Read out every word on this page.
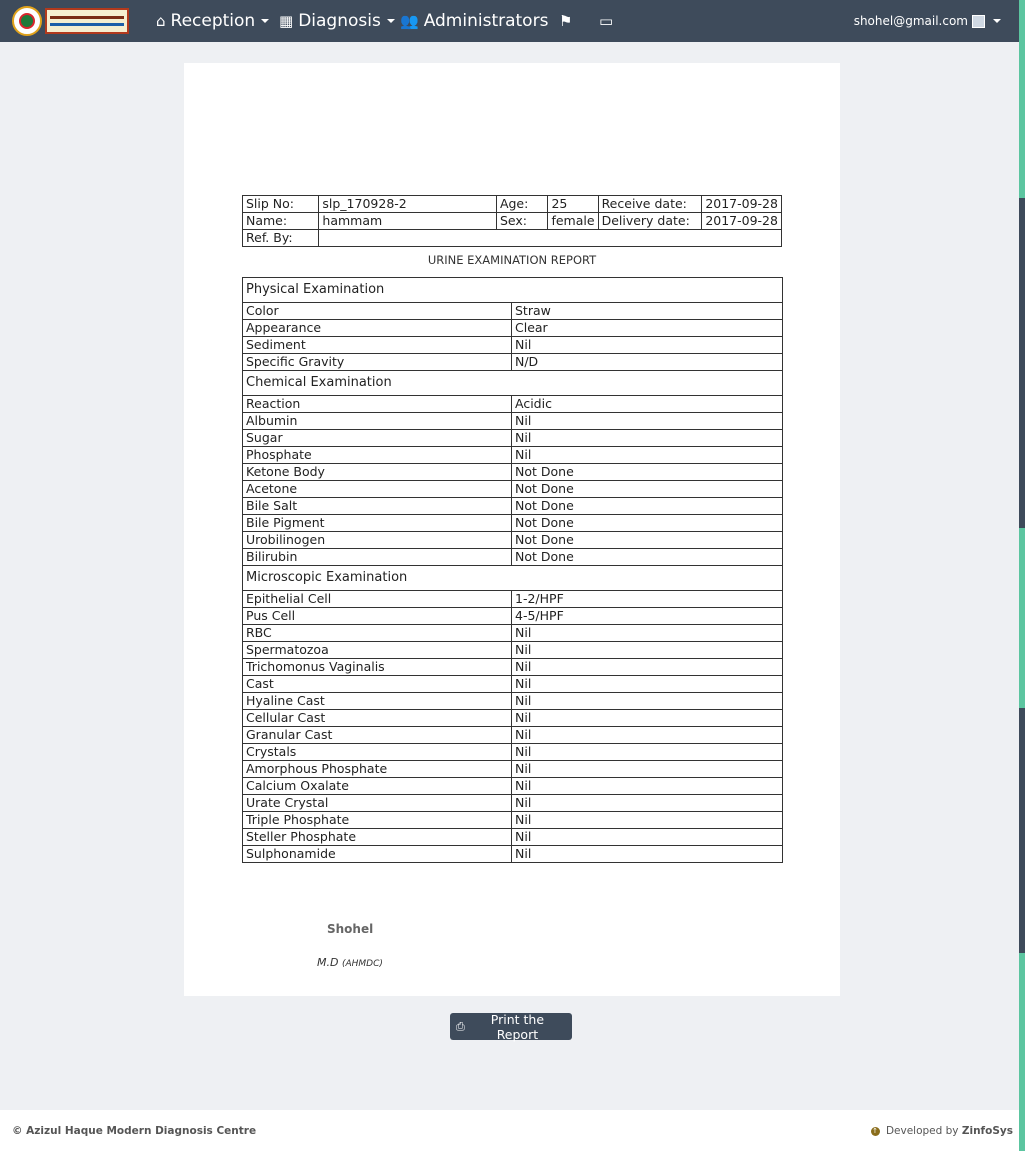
⌂ Reception ▦ Diagnosis 👥 Administrators ⚑ ▭	shohel@gmail.com
Slip No:	slp_170928-2	Age:	25	Receive date:	2017-09-28
Name:	hammam	Sex:	female	Delivery date:	2017-09-28
Ref. By:					
URINE EXAMINATION REPORT
Physical Examination	
Color	Straw
Appearance	Clear
Sediment	Nil
Specific Gravity	N/D
Chemical Examination	
Reaction	Acidic
Albumin	Nil
Sugar	Nil
Phosphate	Nil
Ketone Body	Not Done
Acetone	Not Done
Bile Salt	Not Done
Bile Pigment	Not Done
Urobilinogen	Not Done
Bilirubin	Not Done
Microscopic Examination	
Epithelial Cell	1-2/HPF
Pus Cell	4-5/HPF
RBC	Nil
Spermatozoa	Nil
Trichomonus Vaginalis	Nil
Cast	Nil
Hyaline Cast	Nil
Cellular Cast	Nil
Granular Cast	Nil
Crystals	Nil
Amorphous Phosphate	Nil
Calcium Oxalate	Nil
Urate Crystal	Nil
Triple Phosphate	Nil
Steller Phosphate	Nil
Sulphonamide	Nil
Shohel
M.D (AHMDC)
⎙	Print the Report
© Azizul Haque Modern Diagnosis Centre	↑ Developed by ZinfoSys
